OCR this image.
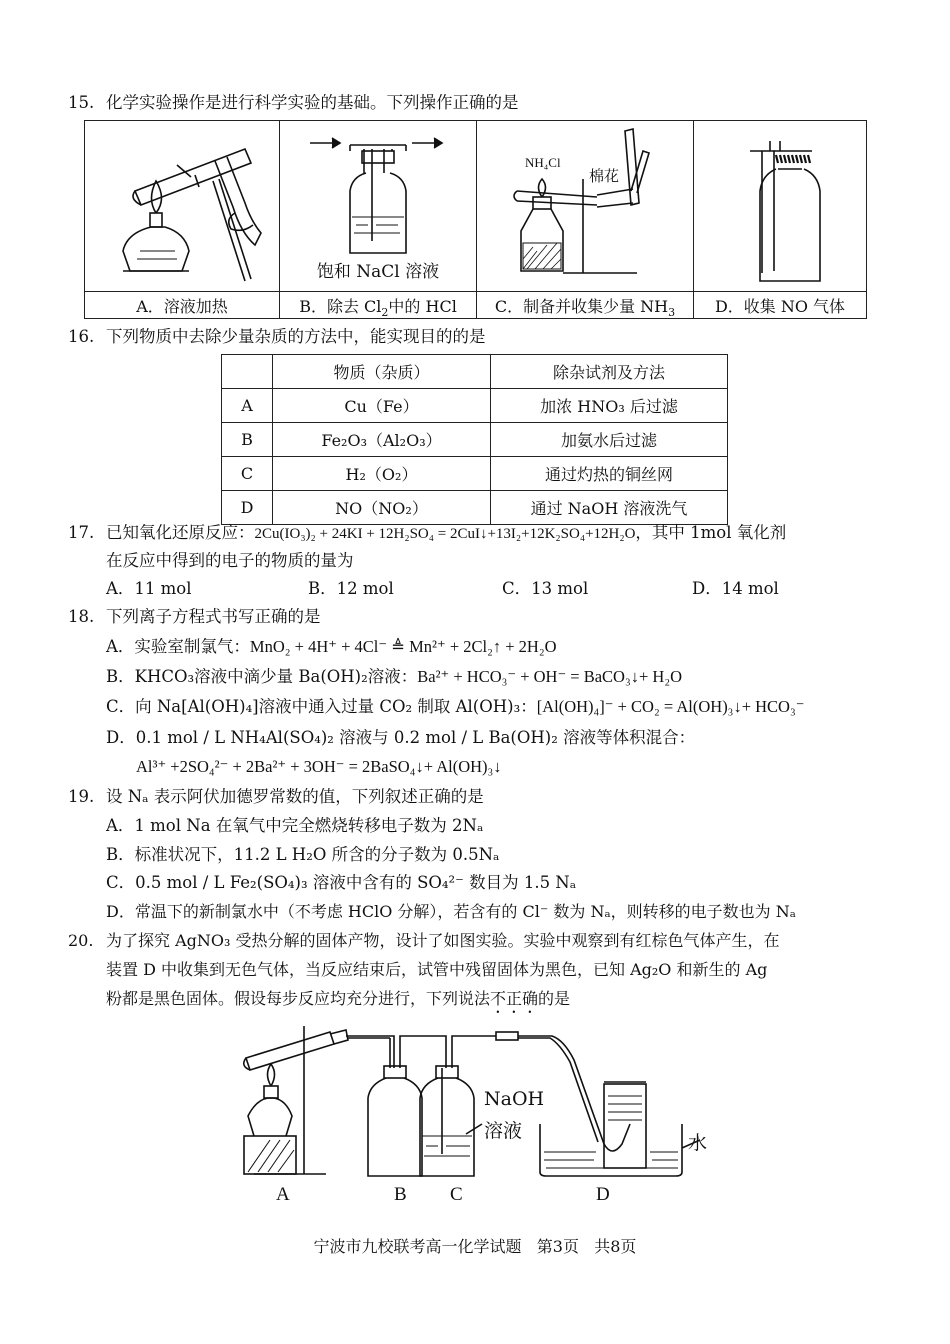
15. 化学实验操作是进行科学实验的基础。下列操作正确的是

饱和 NaCl 溶液	NH₄Cl
棉花

A．溶液加热	B．除去 $Cl_2$中的 HCl	C．制备并收集少量 $NH_3$	D．收集 NO 气体
16. 下列物质中去除少量杂质的方法中，能实现目的的是
	物质（杂质）	除杂试剂及方法
A	Cu（Fe）	加浓 HNO₃ 后过滤
B	Fe₂O₃（Al₂O₃）	加氨水后过滤
C	H₂（O₂）	通过灼热的铜丝网
D	NO（NO₂）	通过 NaOH 溶液洗气
17. 已知氧化还原反应：2Cu(IO₃)₂ + 24KI + 12H₂SO₄ = 2CuI↓+13I₂+12K₂SO₄+12H₂O，其中 1mol 氧化剂
在反应中得到的电子的物质的量为
A．11 mol	B．12 mol	C．13 mol	D．14 mol
18. 下列离子方程式书写正确的是
A．实验室制氯气：MnO₂ + 4H⁺ + 4Cl⁻ ≜ Mn²⁺ + 2Cl₂↑ + 2H₂O
B．KHCO₃溶液中滴少量 Ba(OH)₂溶液：Ba²⁺ + HCO₃⁻ + OH⁻ = BaCO₃↓+ H₂O
C．向 Na[Al(OH)₄]溶液中通入过量 CO₂ 制取 Al(OH)₃：[Al(OH)₄]⁻ + CO₂ = Al(OH)₃↓+ HCO₃⁻
D．0.1 mol / L NH₄Al(SO₄)₂ 溶液与 0.2 mol / L Ba(OH)₂ 溶液等体积混合：
Al³⁺ +2SO₄²⁻ + 2Ba²⁺ + 3OH⁻ = 2BaSO₄↓+ Al(OH)₃↓
19. 设 Nₐ 表示阿伏加德罗常数的值，下列叙述正确的是
A．1 mol Na 在氧气中完全燃烧转移电子数为 2Nₐ
B．标准状况下，11.2 L H₂O 所含的分子数为 0.5Nₐ
C．0.5 mol / L Fe₂(SO₄)₃ 溶液中含有的 SO₄²⁻ 数目为 1.5 Nₐ
D．常温下的新制氯水中（不考虑 HClO 分解），若含有的 Cl⁻ 数为 Nₐ，则转移的电子数也为 Nₐ
20. 为了探究 AgNO₃ 受热分解的固体产物，设计了如图实验。实验中观察到有红棕色气体产生，在
装置 D 中收集到无色气体，当反应结束后，试管中残留固体为黑色，已知 Ag₂O 和新生的 Ag
粉都是黑色固体。假设每步反应均充分进行，下列说法不正确的是
NaOH
溶液
水
A	B C	D
宁波市九校联考高一化学试题   第3页   共8页
